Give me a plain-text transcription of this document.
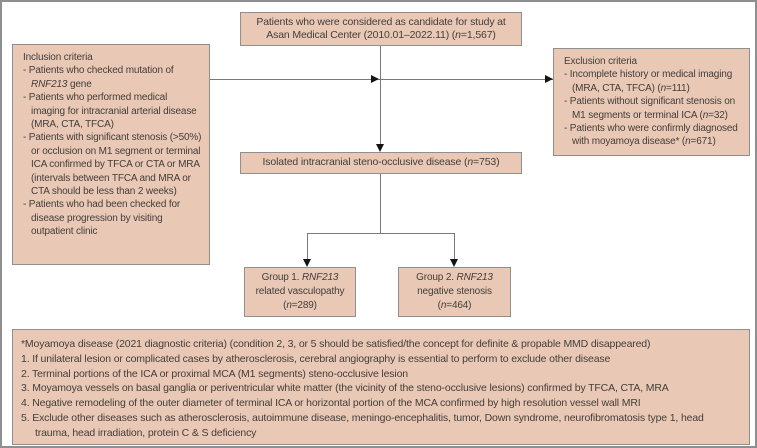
Patients who were considered as candidate for study at Asan Medical Center (2010.01–2022.11) (n=1,567)
Inclusion criteria
- Patients who checked mutation of RNF213 gene
- Patients who performed medical imaging for intracranial arterial disease (MRA, CTA, TFCA)
- Patients with significant stenosis (>50%) or occlusion on M1 segment or terminal ICA confirmed by TFCA or CTA or MRA (intervals between TFCA and MRA or CTA should be less than 2 weeks)
- Patients who had been checked for disease progression by visiting outpatient clinic
Exclusion criteria
- Incomplete history or medical imaging (MRA, CTA, TFCA) (n=111)
- Patients without significant stenosis on M1 segments or terminal ICA (n=32)
- Patients who were confirmly diagnosed with moyamoya disease* (n=671)
Isolated intracranial steno-occlusive disease (n=753)
Group 1. RNF213
related vasculopathy
(n=289)
Group 2. RNF213
negative stenosis
(n=464)
*Moyamoya disease (2021 diagnostic criteria) (condition 2, 3, or 5 should be satisfied/the concept for definite & propable MMD disappeared)
1. If unilateral lesion or complicated cases by atherosclerosis, cerebral angiography is essential to perform to exclude other disease
2. Terminal portions of the ICA or proximal MCA (M1 segments) steno-occlusive lesion
3. Moyamoya vessels on basal ganglia or periventricular white matter (the vicinity of the steno-occlusive lesions) confirmed by TFCA, CTA, MRA
4. Negative remodeling of the outer diameter of terminal ICA or horizontal portion of the MCA confirmed by high resolution vessel wall MRI
5. Exclude other diseases such as atherosclerosis, autoimmune disease, meningo-encephalitis, tumor, Down syndrome, neurofibromatosis type 1, head trauma, head irradiation, protein C & S deficiency
